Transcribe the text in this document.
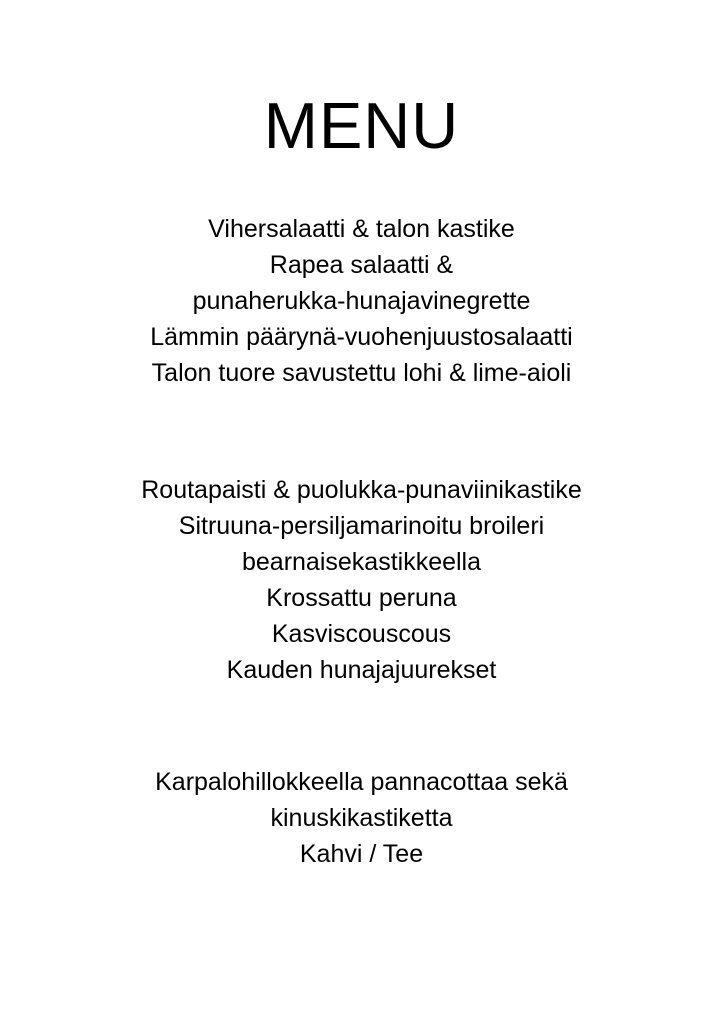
MENU
Vihersalaatti & talon kastike
Rapea salaatti &
punaherukka-hunajavinegrette
Lämmin päärynä-vuohenjuustosalaatti
Talon tuore savustettu lohi & lime-aioli
Routapaisti & puolukka-punaviinikastike
Sitruuna-persiljamarinoitu broileri
bearnaisekastikkeella
Krossattu peruna
Kasviscouscous
Kauden hunajajuurekset
Karpalohillokkeella pannacottaa sekä
kinuskikastiketta
Kahvi / Tee
